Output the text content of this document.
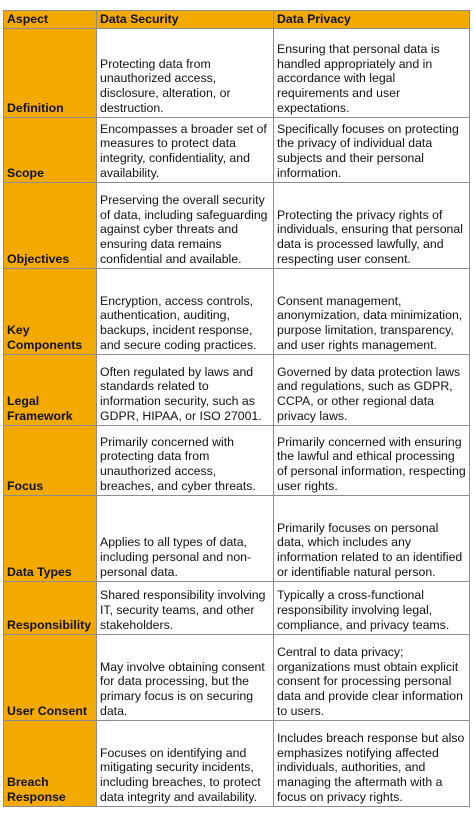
Aspect	Data Security	Data Privacy
Definition	Protecting data from unauthorized access, disclosure, alteration, or destruction.	Ensuring that personal data is handled appropriately and in accordance with legal requirements and user expectations.
Scope	Encompasses a broader set of measures to protect data integrity, confidentiality, and availability.	Specifically focuses on protecting the privacy of individual data subjects and their personal information.
Objectives	Preserving the overall security of data, including safeguarding against cyber threats and ensuring data remains confidential and available.	Protecting the privacy rights of individuals, ensuring that personal data is processed lawfully, and respecting user consent.
Key Components	Encryption, access controls, authentication, auditing, backups, incident response, and secure coding practices.	Consent management, anonymization, data minimization, purpose limitation, transparency, and user rights management.
Legal Framework	Often regulated by laws and standards related to information security, such as GDPR, HIPAA, or ISO 27001.	Governed by data protection laws and regulations, such as GDPR, CCPA, or other regional data privacy laws.
Focus	Primarily concerned with protecting data from unauthorized access, breaches, and cyber threats.	Primarily concerned with ensuring the lawful and ethical processing of personal information, respecting user rights.
Data Types	Applies to all types of data, including personal and non-personal data.	Primarily focuses on personal data, which includes any information related to an identified or identifiable natural person.
Responsibility	Shared responsibility involving IT, security teams, and other stakeholders.	Typically a cross-functional responsibility involving legal, compliance, and privacy teams.
User Consent	May involve obtaining consent for data processing, but the primary focus is on securing data.	Central to data privacy; organizations must obtain explicit consent for processing personal data and provide clear information to users.
Breach Response	Focuses on identifying and mitigating security incidents, including breaches, to protect data integrity and availability.	Includes breach response but also emphasizes notifying affected individuals, authorities, and managing the aftermath with a focus on privacy rights.
